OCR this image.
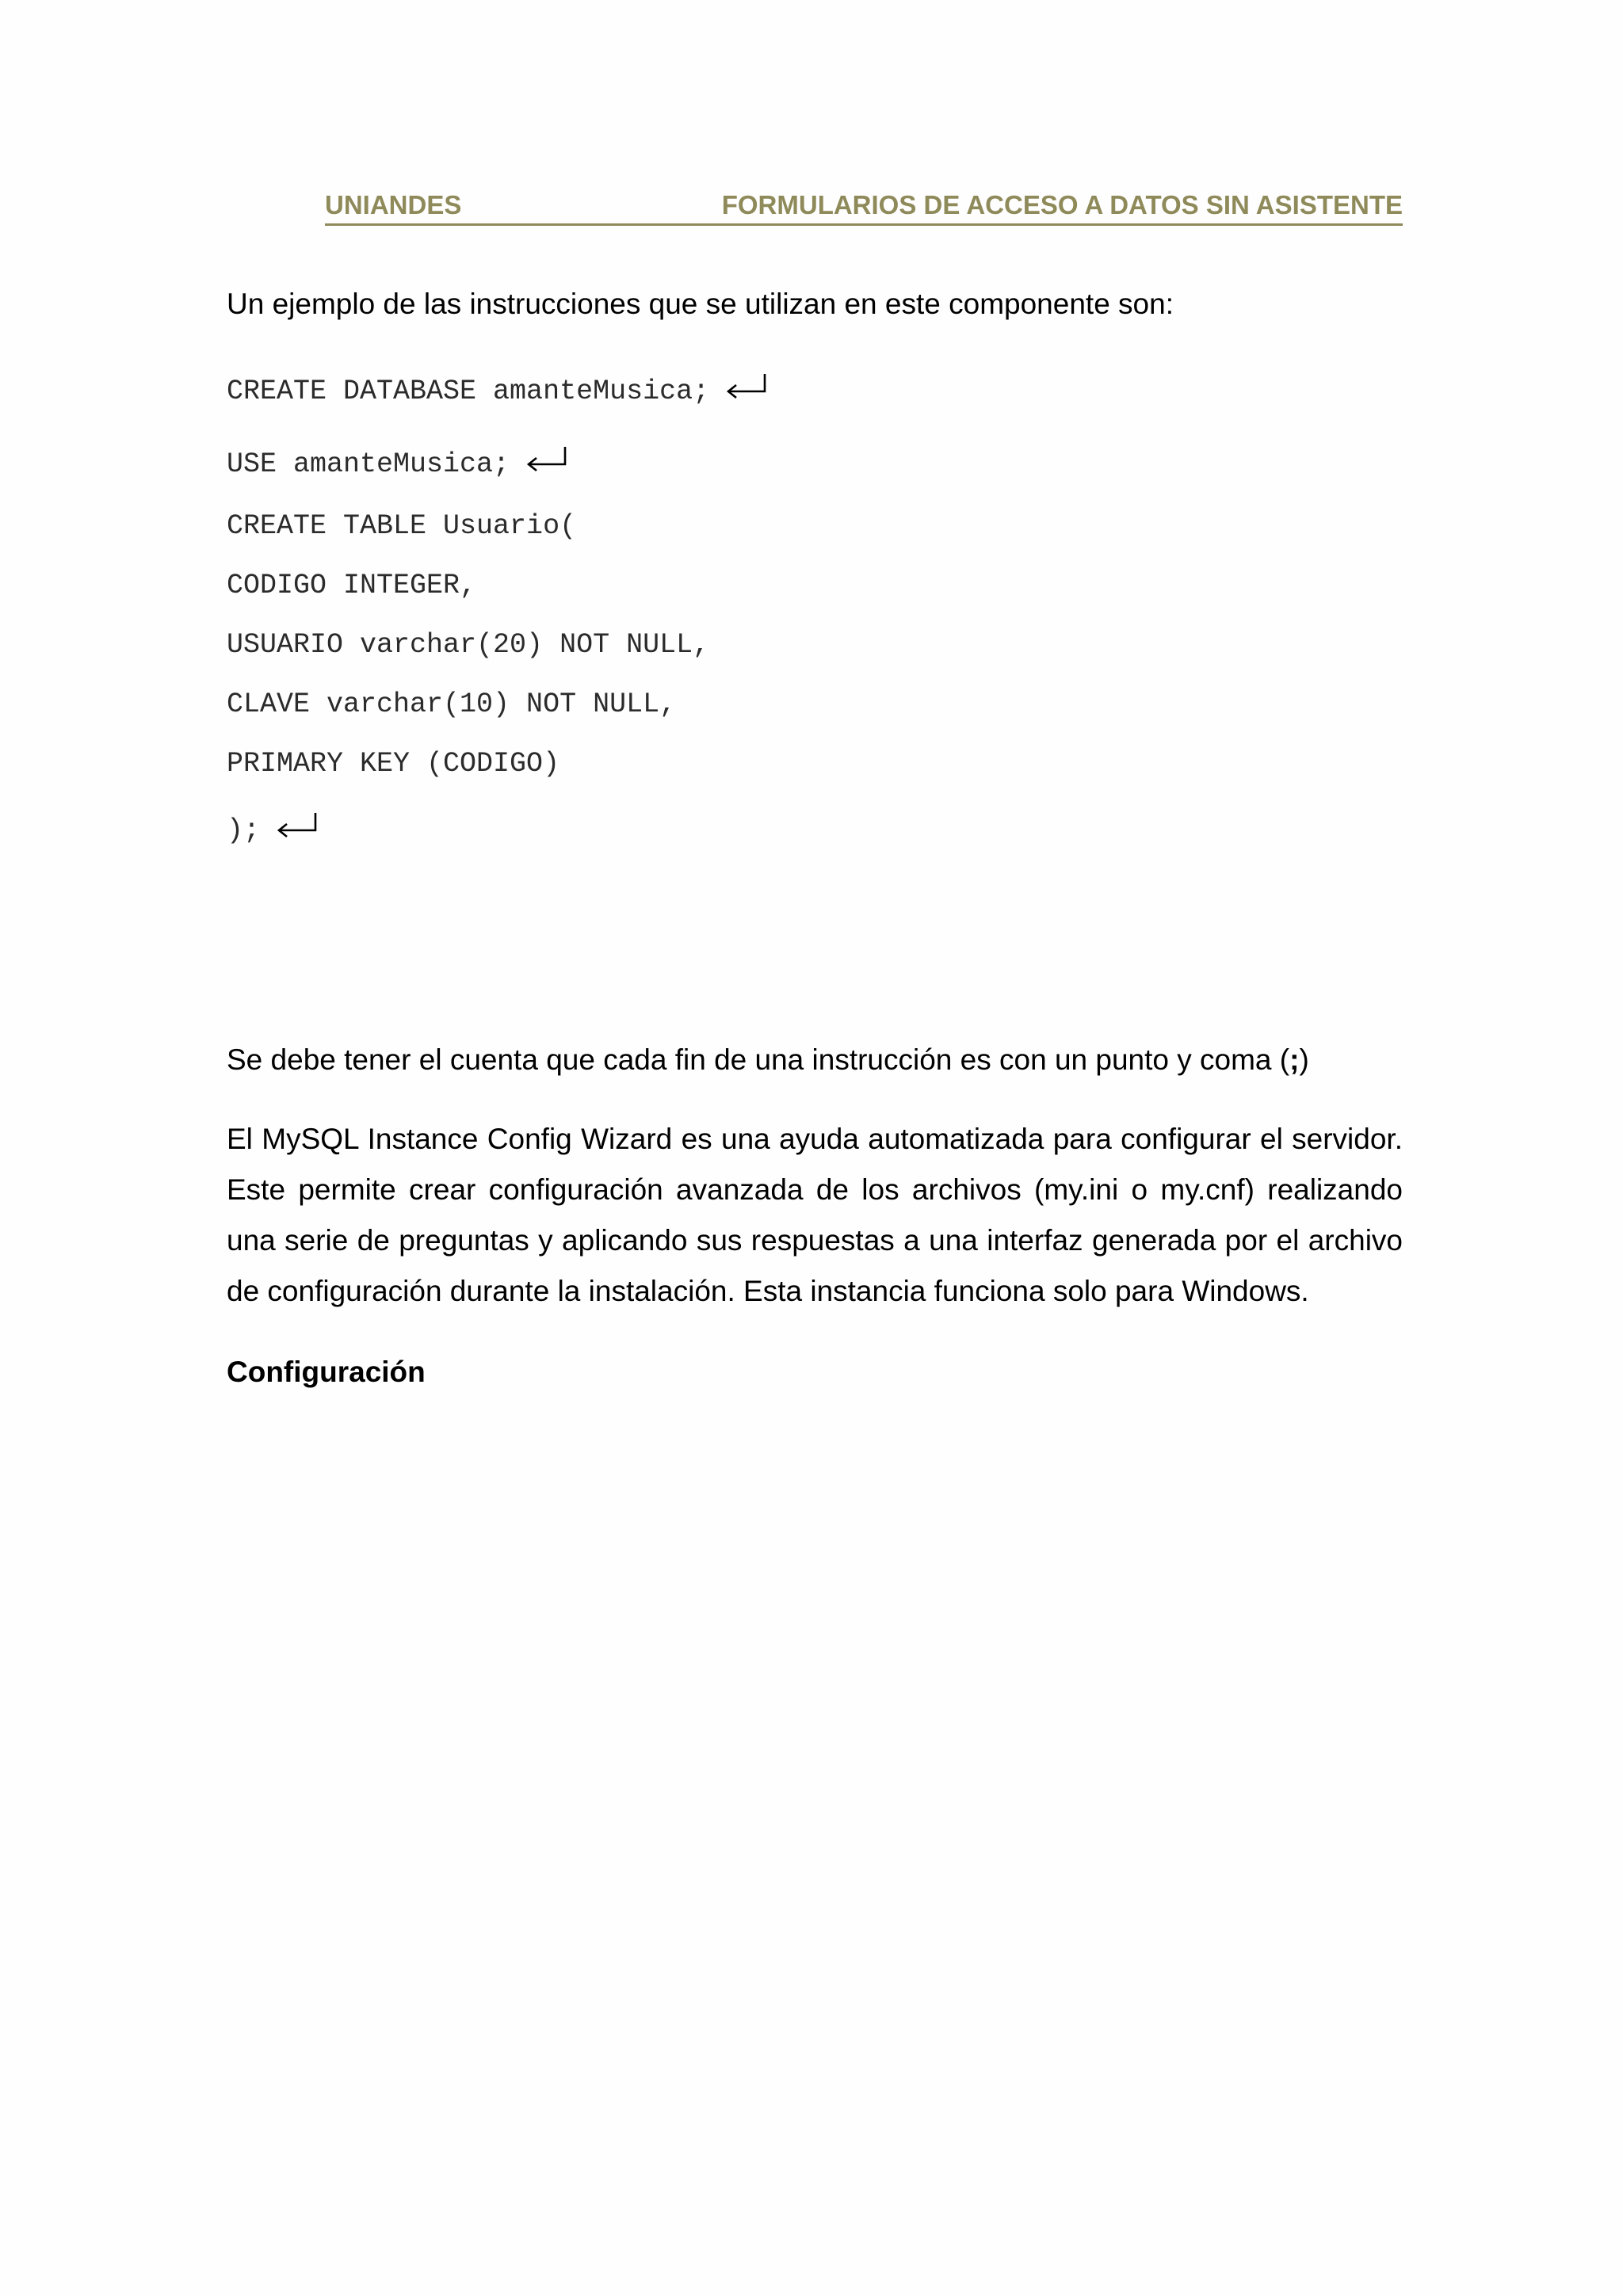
UNIANDES	FORMULARIOS DE ACCESO A DATOS SIN ASISTENTE
Un ejemplo de las instrucciones que se utilizan en este componente son:
CREATE DATABASE amanteMusica;
USE amanteMusica;
CREATE TABLE Usuario(
CODIGO INTEGER,
USUARIO varchar(20) NOT NULL,
CLAVE varchar(10) NOT NULL,
PRIMARY KEY (CODIGO)
);
Se debe tener el cuenta que cada fin de una instrucción es con un punto y coma (;)
El MySQL Instance Config Wizard es una ayuda automatizada para configurar el servidor. Este permite crear configuración avanzada de los archivos (my.ini o my.cnf) realizando una serie de preguntas y aplicando sus respuestas a una interfaz generada por el archivo de configuración durante la instalación. Esta instancia funciona solo para Windows.
Configuración
